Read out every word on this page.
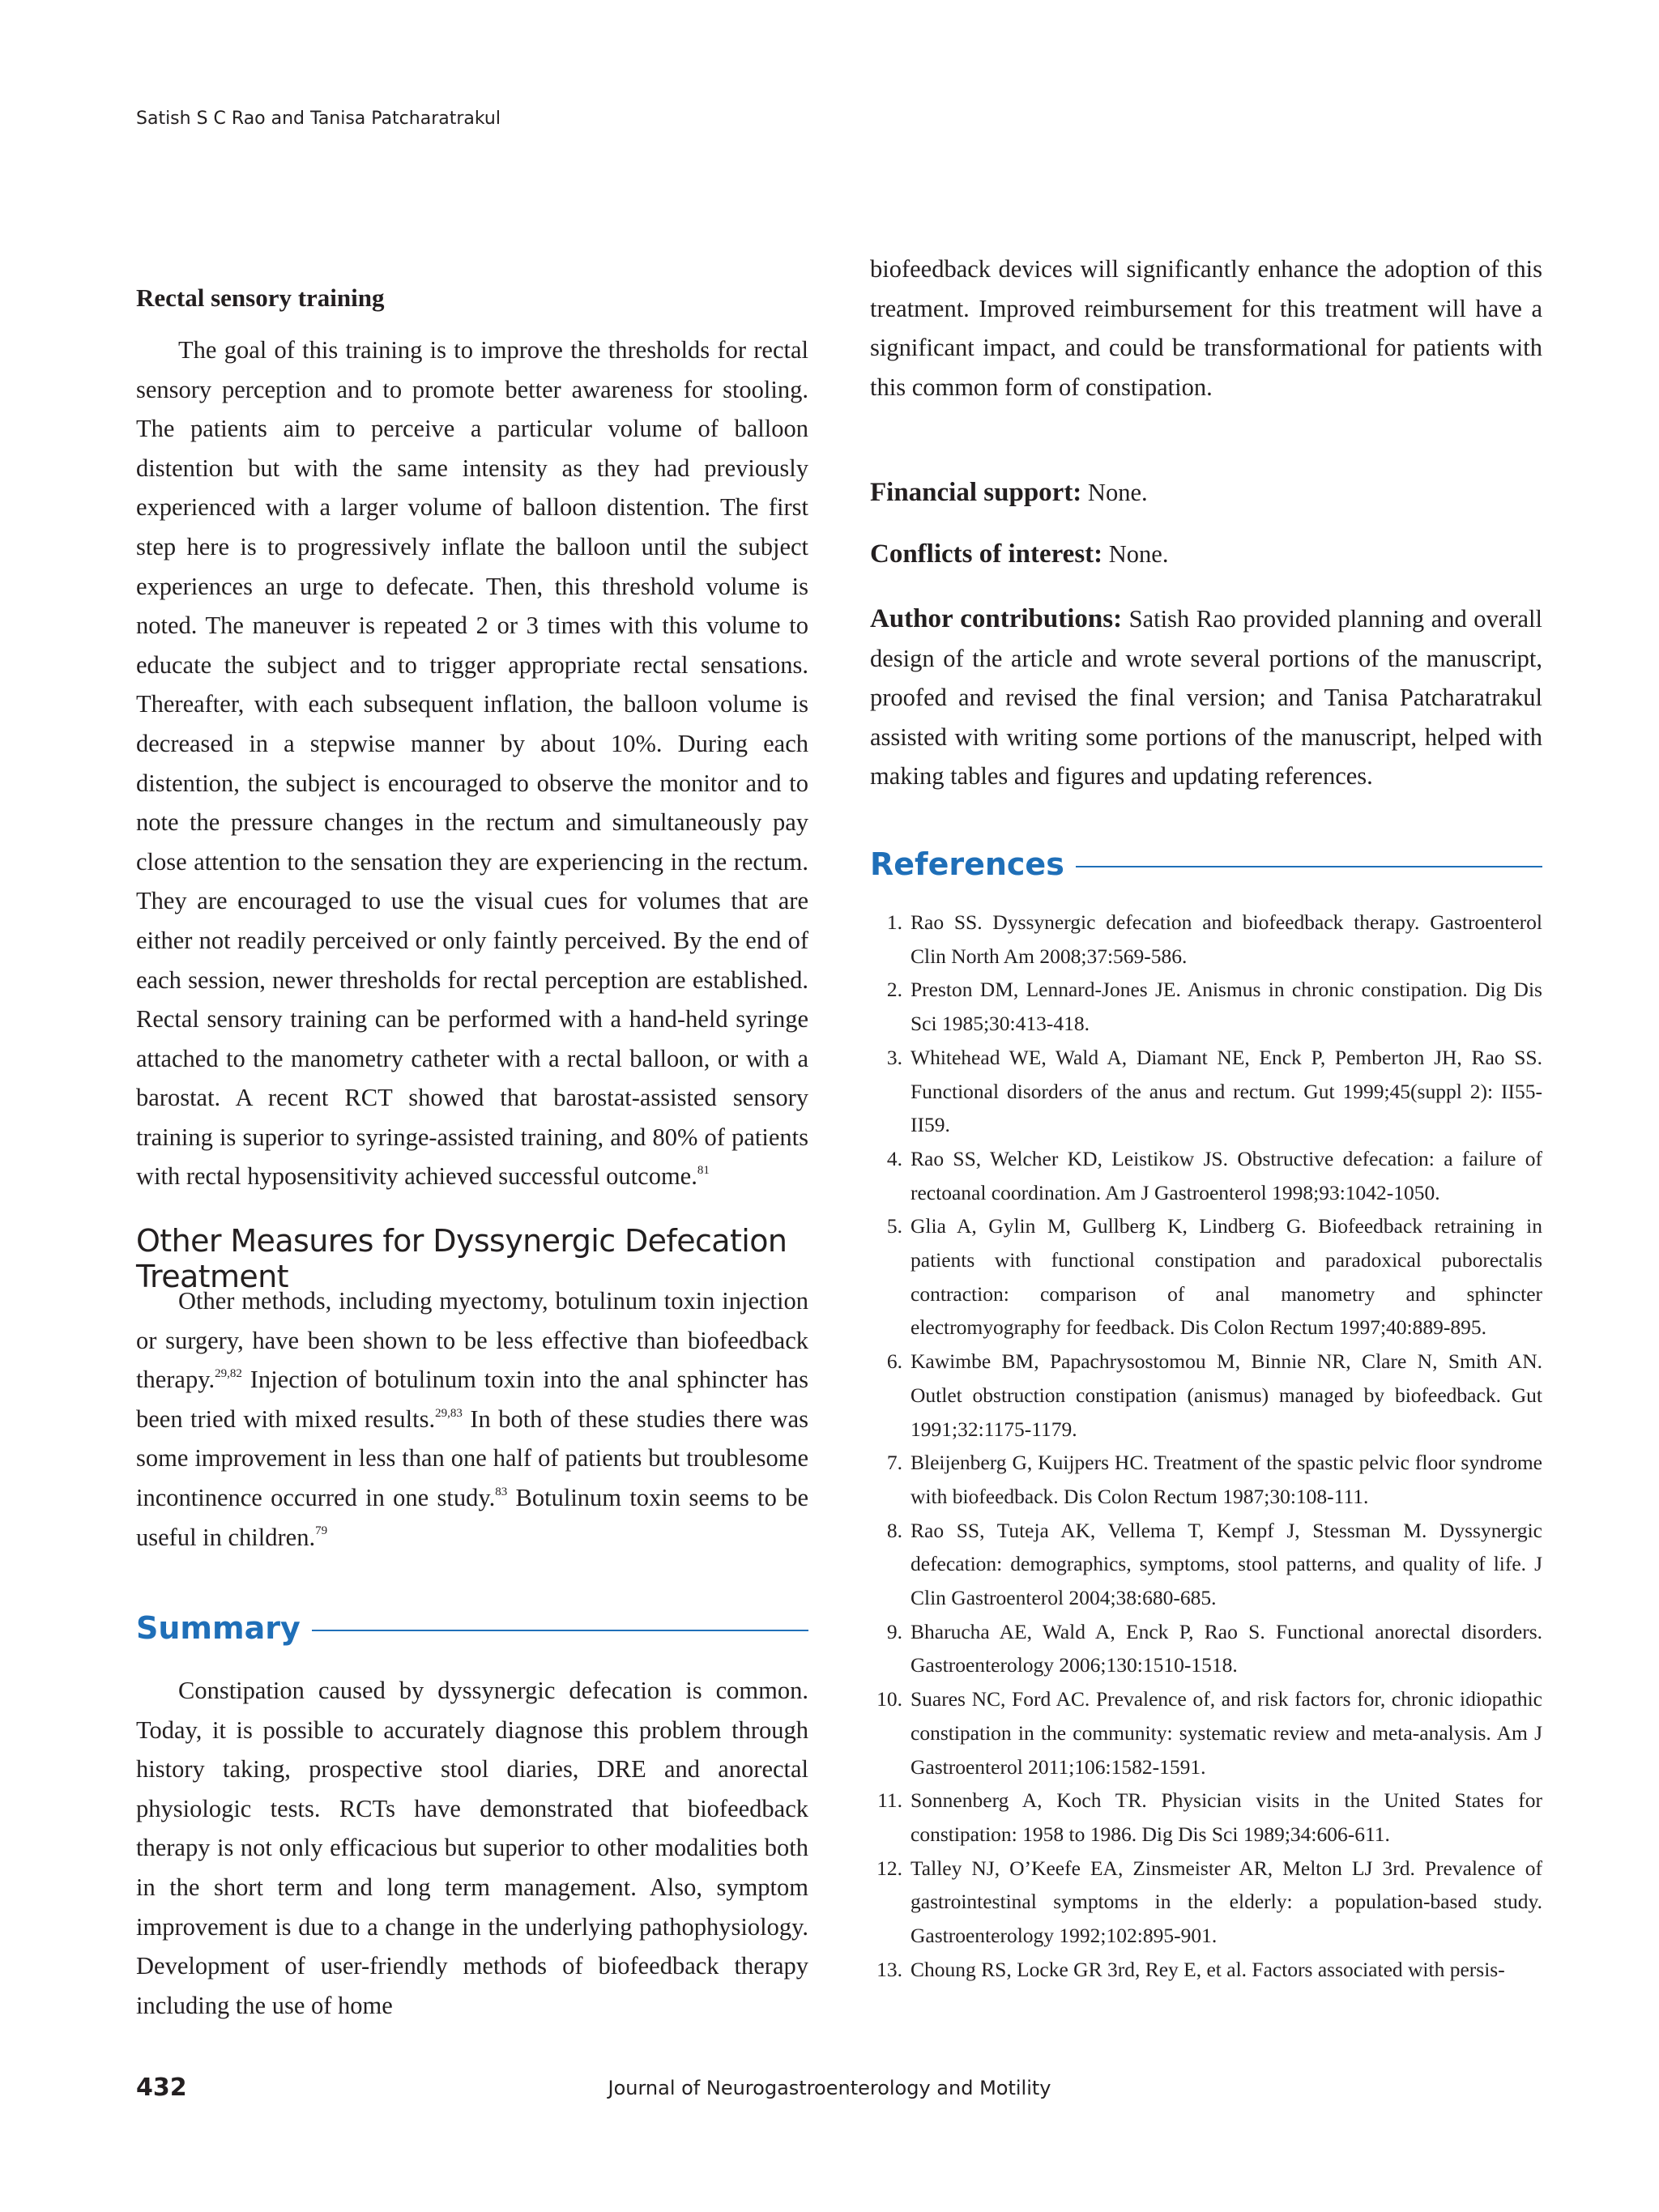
Satish S C Rao and Tanisa Patcharatrakul
Rectal sensory training

The goal of this training is to improve the thresholds for rectal sensory perception and to promote better awareness for stooling. The patients aim to perceive a particular volume of balloon distention but with the same intensity as they had previously experienced with a larger volume of balloon distention. The first step here is to progressively inflate the balloon until the subject experiences an urge to defecate. Then, this threshold volume is noted. The maneuver is repeated 2 or 3 times with this volume to educate the subject and to trigger appropriate rectal sensations. Thereafter, with each subsequent inflation, the balloon volume is decreased in a stepwise manner by about 10%. During each distention, the subject is encouraged to observe the monitor and to note the pressure changes in the rectum and simultaneously pay close attention to the sensation they are experiencing in the rectum. They are encouraged to use the visual cues for volumes that are either not readily perceived or only faintly perceived. By the end of each session, newer thresholds for rectal perception are established. Rectal sensory training can be performed with a hand-held syringe attached to the manometry catheter with a rectal balloon, or with a barostat. A recent RCT showed that barostat-assisted sensory training is superior to syringe-assisted training, and 80% of patients with rectal hyposensitivity achieved successful outcome.$^{81}$

Other Measures for Dyssynergic Defecation Treatment

Other methods, including myectomy, botulinum toxin injection or surgery, have been shown to be less effective than biofeedback therapy.$^{29,82}$ Injection of botulinum toxin into the anal sphincter has been tried with mixed results.$^{29,83}$ In both of these studies there was some improvement in less than one half of patients but troublesome incontinence occurred in one study.$^{83}$ Botulinum toxin seems to be useful in children.$^{79}$

Summary

Constipation caused by dyssynergic defecation is common. Today, it is possible to accurately diagnose this problem through history taking, prospective stool diaries, DRE and anorectal physiologic tests. RCTs have demonstrated that biofeedback therapy is not only efficacious but superior to other modalities both in the short term and long term management. Also, symptom improvement is due to a change in the underlying pathophysiology. Development of user-friendly methods of biofeedback therapy including the use of home

biofeedback devices will significantly enhance the adoption of this treatment. Improved reimbursement for this treatment will have a significant impact, and could be transformational for patients with this common form of constipation.

Financial support: None.

Conflicts of interest: None.

Author contributions: Satish Rao provided planning and overall design of the article and wrote several portions of the manuscript, proofed and revised the final version; and Tanisa Patcharatrakul assisted with writing some portions of the manuscript, helped with making tables and figures and updating references.

References
1. Rao SS. Dyssynergic defecation and biofeedback therapy. Gastroenterol Clin North Am 2008;37:569-586.
2. Preston DM, Lennard-Jones JE. Anismus in chronic constipation. Dig Dis Sci 1985;30:413-418.
3. Whitehead WE, Wald A, Diamant NE, Enck P, Pemberton JH, Rao SS. Functional disorders of the anus and rectum. Gut 1999;45(suppl 2): II55-II59.
4. Rao SS, Welcher KD, Leistikow JS. Obstructive defecation: a failure of rectoanal coordination. Am J Gastroenterol 1998;93:1042-1050.
5. Glia A, Gylin M, Gullberg K, Lindberg G. Biofeedback retraining in patients with functional constipation and paradoxical puborectalis contraction: comparison of anal manometry and sphincter electromyography for feedback. Dis Colon Rectum 1997;40:889-895.
6. Kawimbe BM, Papachrysostomou M, Binnie NR, Clare N, Smith AN. Outlet obstruction constipation (anismus) managed by biofeedback. Gut 1991;32:1175-1179.
7. Bleijenberg G, Kuijpers HC. Treatment of the spastic pelvic floor syndrome with biofeedback. Dis Colon Rectum 1987;30:108-111.
8. Rao SS, Tuteja AK, Vellema T, Kempf J, Stessman M. Dyssynergic defecation: demographics, symptoms, stool patterns, and quality of life. J Clin Gastroenterol 2004;38:680-685.
9. Bharucha AE, Wald A, Enck P, Rao S. Functional anorectal disorders. Gastroenterology 2006;130:1510-1518.
10. Suares NC, Ford AC. Prevalence of, and risk factors for, chronic idiopathic constipation in the community: systematic review and meta-analysis. Am J Gastroenterol 2011;106:1582-1591.
11. Sonnenberg A, Koch TR. Physician visits in the United States for constipation: 1958 to 1986. Dig Dis Sci 1989;34:606-611.
12. Talley NJ, O’Keefe EA, Zinsmeister AR, Melton LJ 3rd. Prevalence of gastrointestinal symptoms in the elderly: a population-based study. Gastroenterology 1992;102:895-901.
13. Choung RS, Locke GR 3rd, Rey E, et al. Factors associated with persis-
432	Journal of Neurogastroenterology and Motility
